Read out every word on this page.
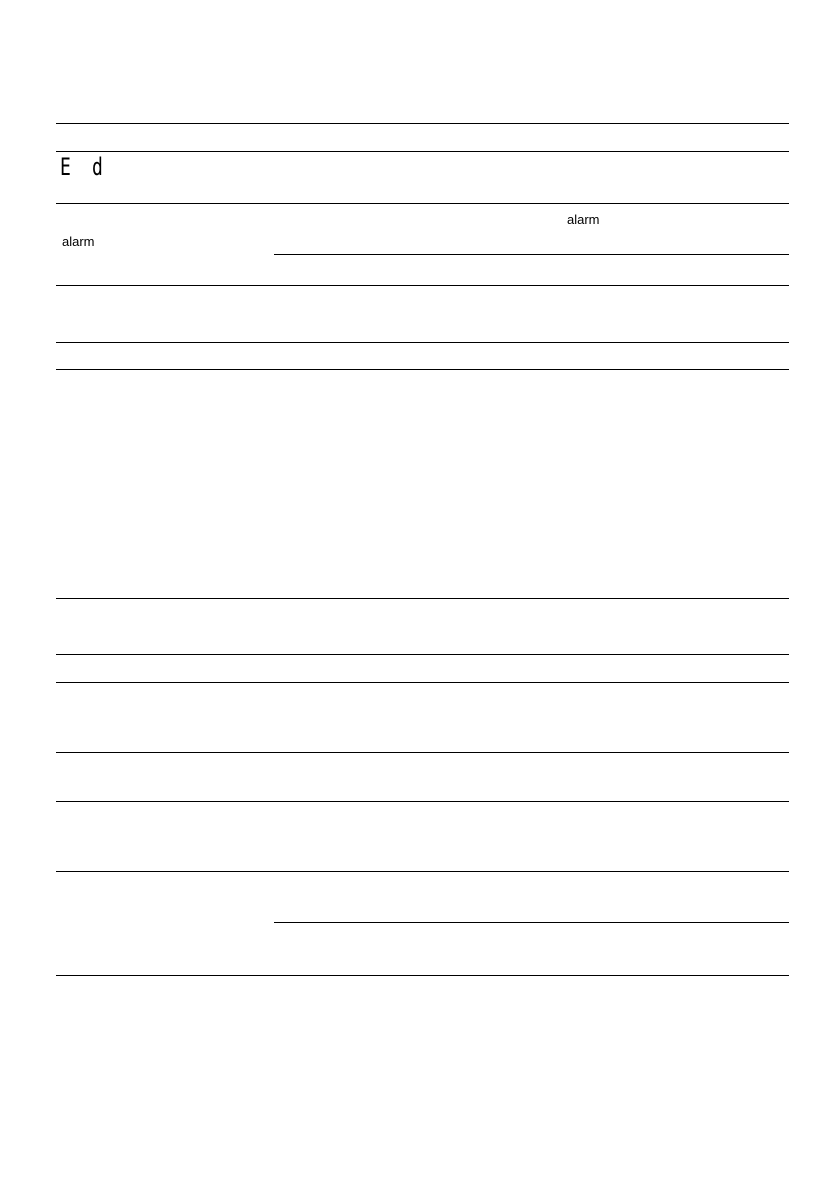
E d
alarm
alarm
